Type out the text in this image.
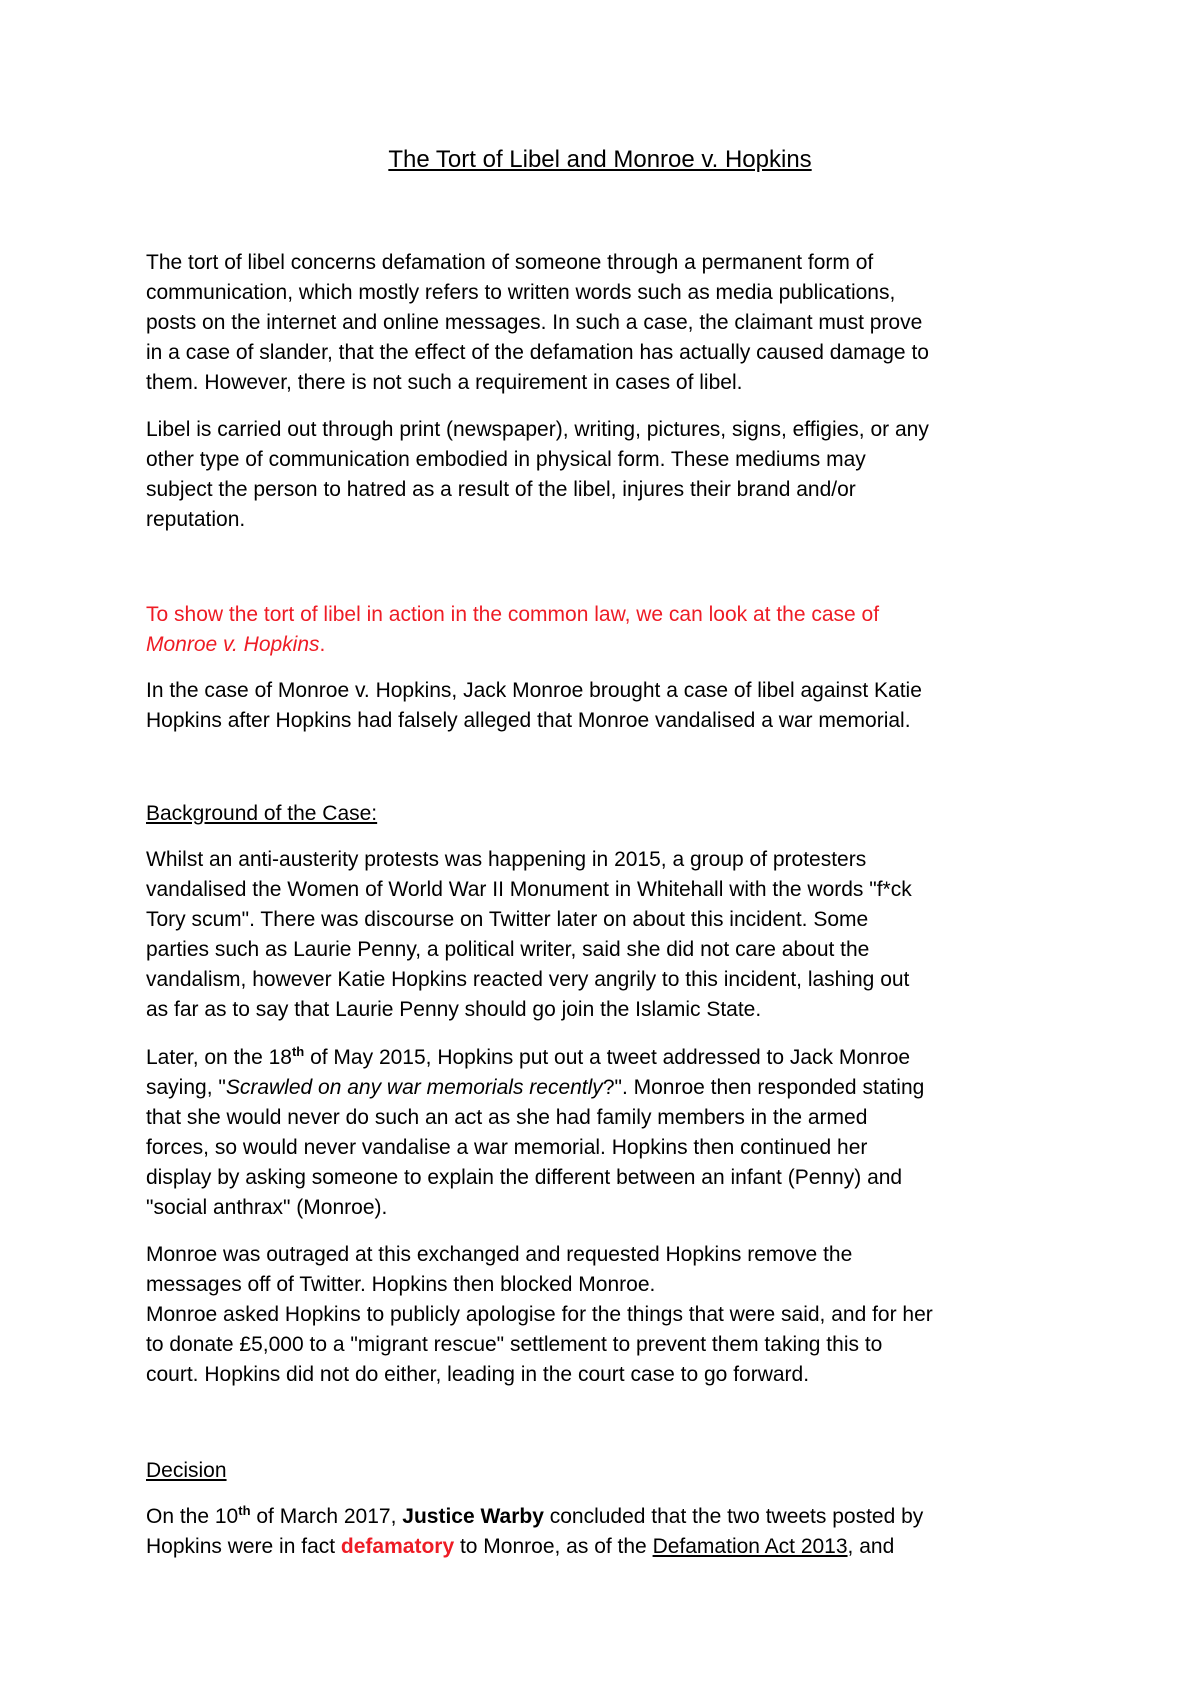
The Tort of Libel and Monroe v. Hopkins
The tort of libel concerns defamation of someone through a permanent form of
communication, which mostly refers to written words such as media publications,
posts on the internet and online messages. In such a case, the claimant must prove
in a case of slander, that the effect of the defamation has actually caused damage to
them. However, there is not such a requirement in cases of libel.
Libel is carried out through print (newspaper), writing, pictures, signs, effigies, or any
other type of communication embodied in physical form. These mediums may
subject the person to hatred as a result of the libel, injures their brand and/or
reputation.
To show the tort of libel in action in the common law, we can look at the case of
Monroe v. Hopkins.
In the case of Monroe v. Hopkins, Jack Monroe brought a case of libel against Katie
Hopkins after Hopkins had falsely alleged that Monroe vandalised a war memorial.
Background of the Case:
Whilst an anti-austerity protests was happening in 2015, a group of protesters
vandalised the Women of World War II Monument in Whitehall with the words "f*ck
Tory scum". There was discourse on Twitter later on about this incident. Some
parties such as Laurie Penny, a political writer, said she did not care about the
vandalism, however Katie Hopkins reacted very angrily to this incident, lashing out
as far as to say that Laurie Penny should go join the Islamic State.
Later, on the 18th of May 2015, Hopkins put out a tweet addressed to Jack Monroe
saying, "Scrawled on any war memorials recently?". Monroe then responded stating
that she would never do such an act as she had family members in the armed
forces, so would never vandalise a war memorial. Hopkins then continued her
display by asking someone to explain the different between an infant (Penny) and
"social anthrax" (Monroe).
Monroe was outraged at this exchanged and requested Hopkins remove the
messages off of Twitter. Hopkins then blocked Monroe.
Monroe asked Hopkins to publicly apologise for the things that were said, and for her
to donate £5,000 to a "migrant rescue" settlement to prevent them taking this to
court. Hopkins did not do either, leading in the court case to go forward.
Decision
On the 10th of March 2017, Justice Warby concluded that the two tweets posted by
Hopkins were in fact defamatory to Monroe, as of the Defamation Act 2013, and
